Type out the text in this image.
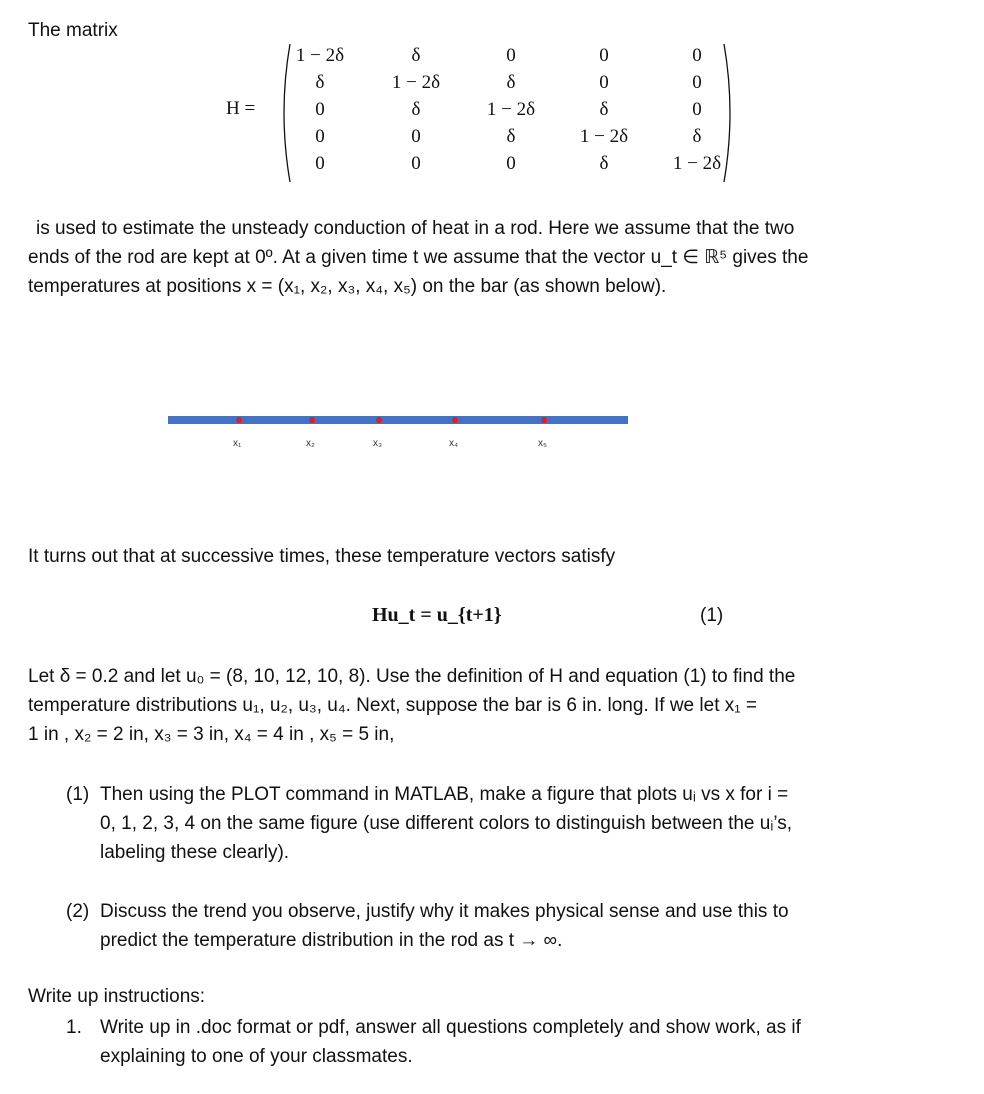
The matrix
H =
1 − 2δ	δ	0	0	0
δ	1 − 2δ	δ	0	0
0	δ	1 − 2δ	δ	0
0	0	δ	1 − 2δ	δ
0	0	0	δ	1 − 2δ
is used to estimate the unsteady conduction of heat in a rod. Here we assume that the two
ends of the rod are kept at 0º. At a given time t we assume that the vector u_t ∈ ℝ⁵ gives the
temperatures at positions x = (x₁, x₂, x₃, x₄, x₅) on the bar (as shown below).
x₁	x₂	x₃	x₄	x₅
It turns out that at successive times, these temperature vectors satisfy
Hu_t = u_{t+1}	(1)
Let δ = 0.2 and let u₀ = (8, 10, 12, 10, 8). Use the definition of H and equation (1) to find the
temperature distributions u₁, u₂, u₃, u₄. Next, suppose the bar is 6 in. long. If we let x₁ =
1 in , x₂ = 2 in, x₃ = 3 in, x₄ = 4 in , x₅ = 5 in,
(1) Then using the PLOT command in MATLAB, make a figure that plots uᵢ vs x for i =
0, 1, 2, 3, 4 on the same figure (use different colors to distinguish between the uᵢ’s,
labeling these clearly).
(2) Discuss the trend you observe, justify why it makes physical sense and use this to
predict the temperature distribution in the rod as t → ∞.
Write up instructions:
1. Write up in .doc format or pdf, answer all questions completely and show work, as if
explaining to one of your classmates.
